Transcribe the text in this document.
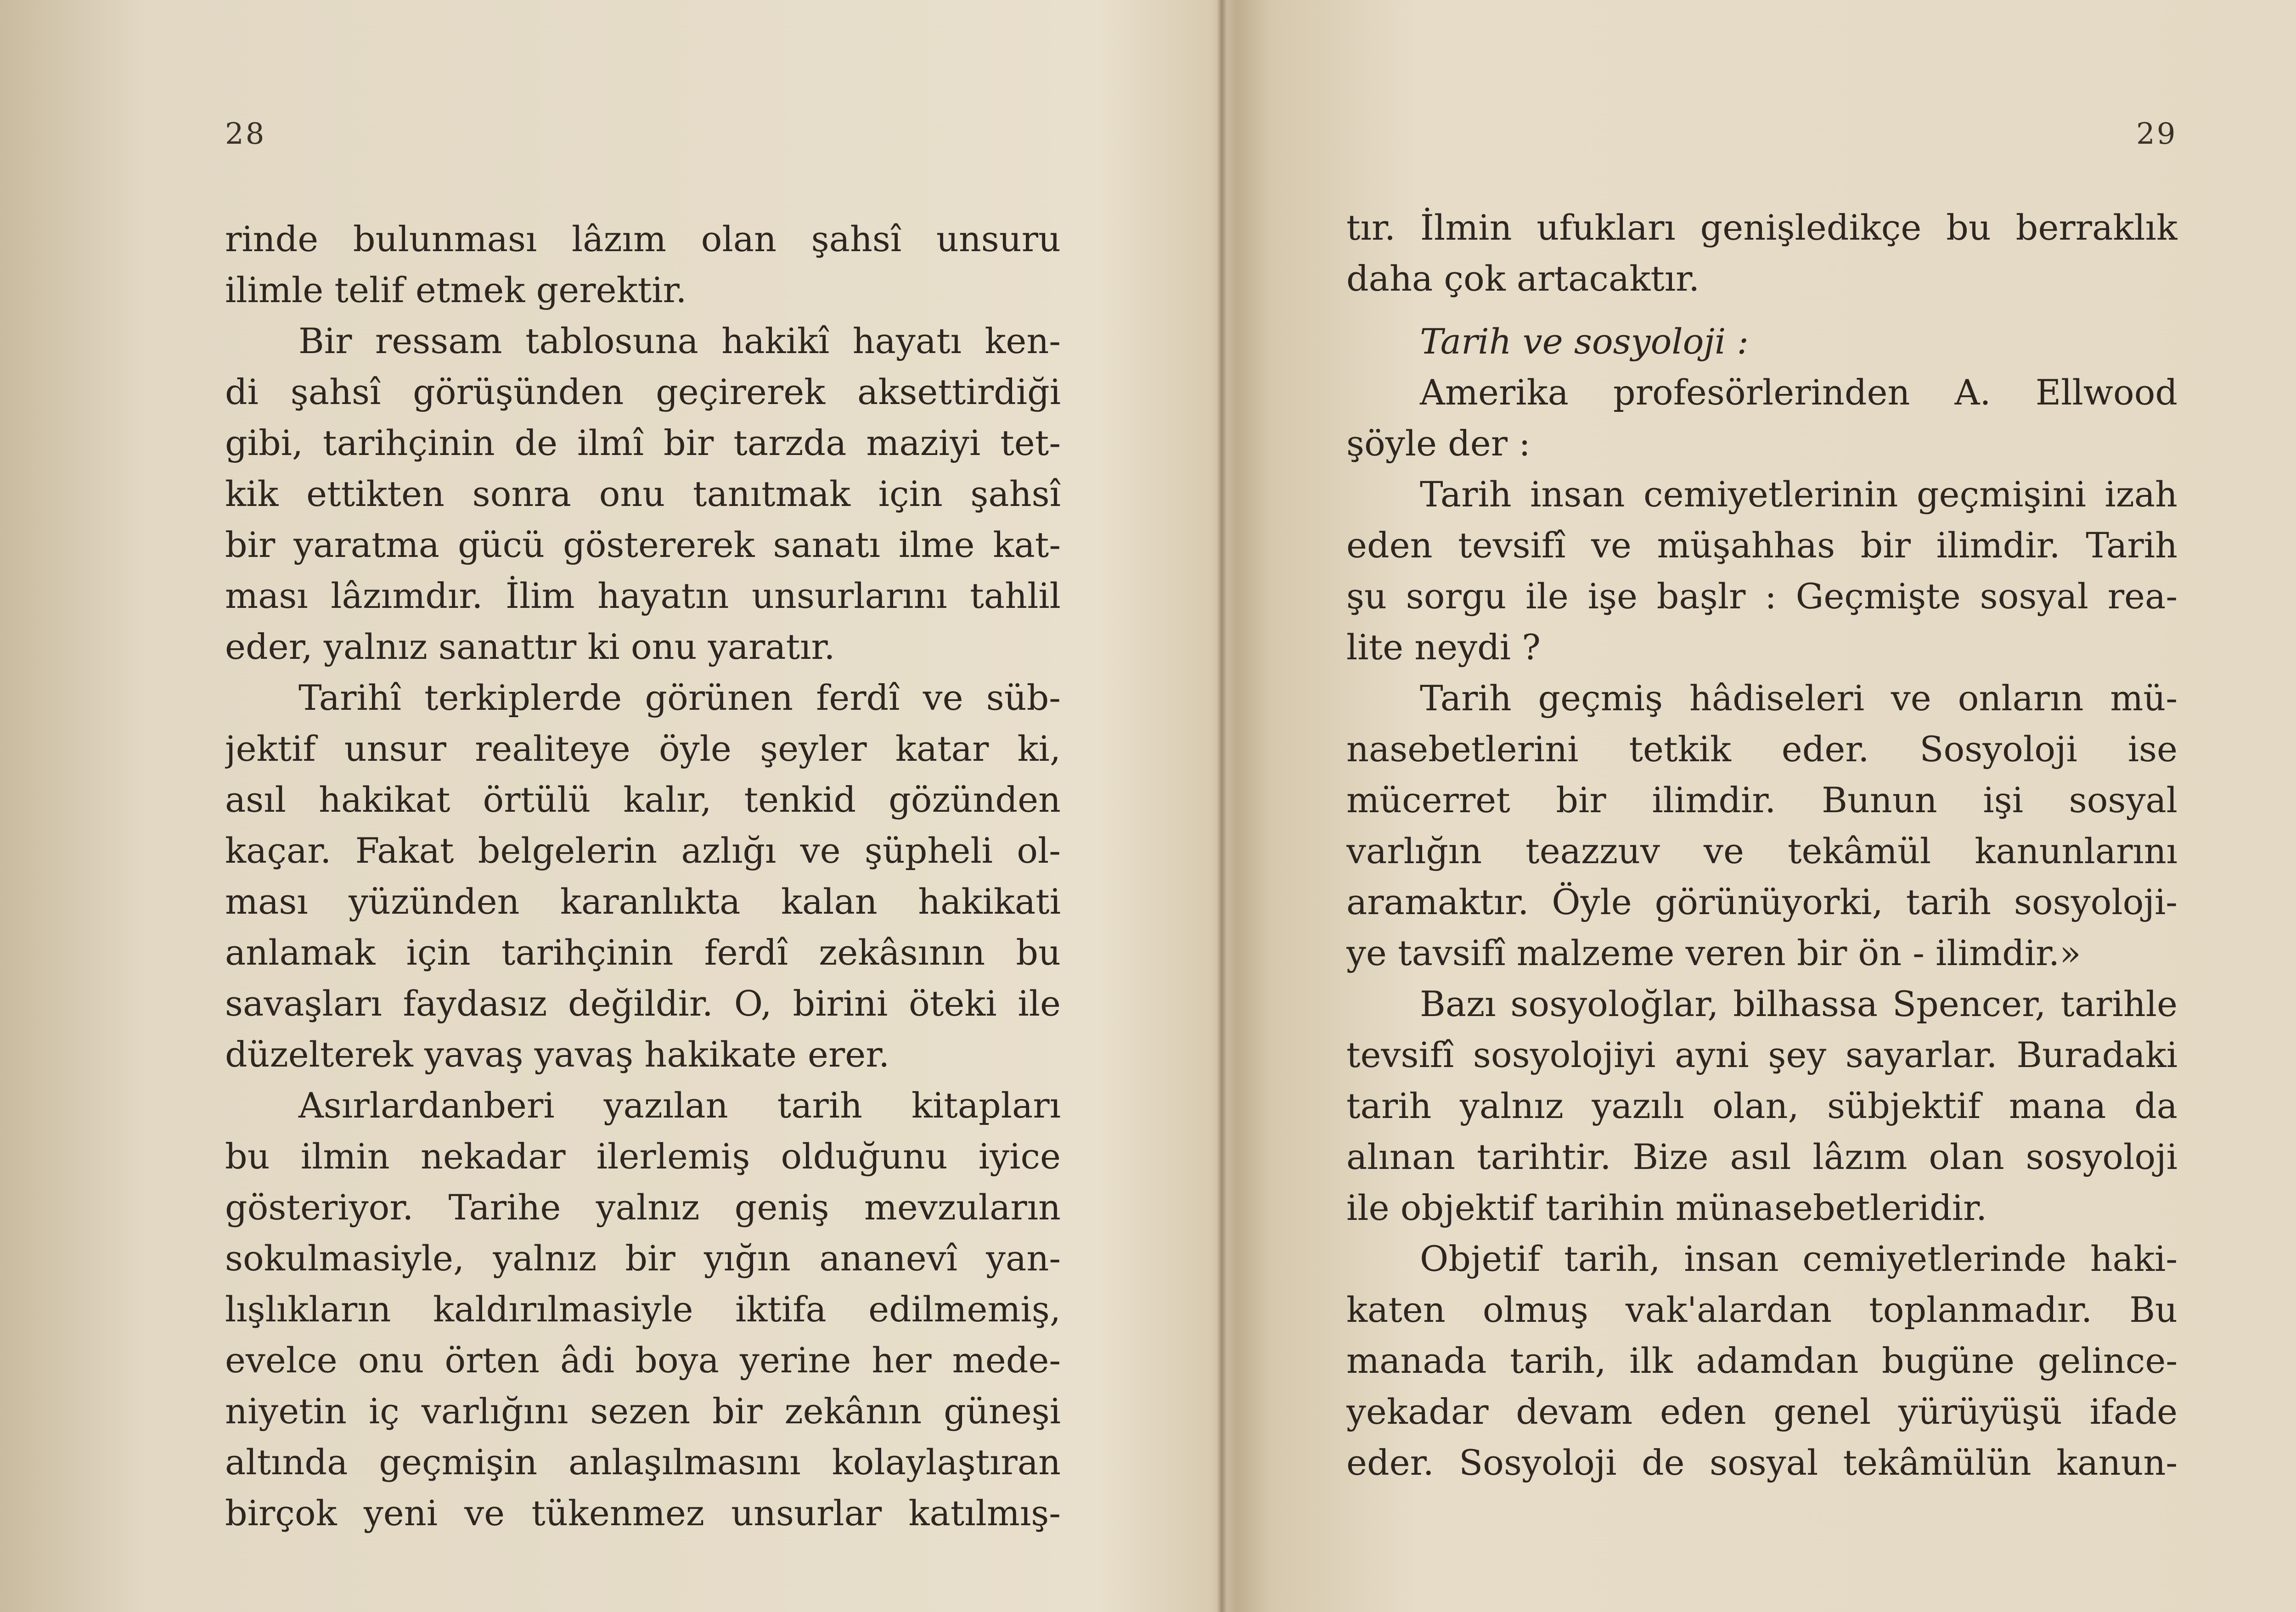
28
rinde bulunması lâzım olan şahsî unsuru
ilimle telif etmek gerektir.
Bir ressam tablosuna hakikî hayatı ken-
di şahsî görüşünden geçirerek aksettirdiği
gibi, tarihçinin de ilmî bir tarzda maziyi tet-
kik ettikten sonra onu tanıtmak için şahsî
bir yaratma gücü göstererek sanatı ilme kat-
ması lâzımdır. İlim hayatın unsurlarını tahlil
eder, yalnız sanattır ki onu yaratır.
Tarihî terkiplerde görünen ferdî ve süb-
jektif unsur realiteye öyle şeyler katar ki,
asıl hakikat örtülü kalır, tenkid gözünden
kaçar. Fakat belgelerin azlığı ve şüpheli ol-
ması yüzünden karanlıkta kalan hakikati
anlamak için tarihçinin ferdî zekâsının bu
savaşları faydasız değildir. O, birini öteki ile
düzelterek yavaş yavaş hakikate erer.
Asırlardanberi yazılan tarih kitapları
bu ilmin nekadar ilerlemiş olduğunu iyice
gösteriyor. Tarihe yalnız geniş mevzuların
sokulmasiyle, yalnız bir yığın ananevî yan-
lışlıkların kaldırılmasiyle iktifa edilmemiş,
evelce onu örten âdi boya yerine her mede-
niyetin iç varlığını sezen bir zekânın güneşi
altında geçmişin anlaşılmasını kolaylaştıran
birçok yeni ve tükenmez unsurlar katılmış-
29
tır. İlmin ufukları genişledikçe bu berraklık
daha çok artacaktır.
Tarih ve sosyoloji :
Amerika profesörlerinden A. Ellwood
şöyle der :
Tarih insan cemiyetlerinin geçmişini izah
eden tevsifî ve müşahhas bir ilimdir. Tarih
şu sorgu ile işe başlr : Geçmişte sosyal rea-
lite neydi ?
Tarih geçmiş hâdiseleri ve onların mü-
nasebetlerini tetkik eder. Sosyoloji ise
mücerret bir ilimdir. Bunun işi sosyal
varlığın teazzuv ve tekâmül kanunlarını
aramaktır. Öyle görünüyorki, tarih sosyoloji-
ye tavsifî malzeme veren bir ön - ilimdir.»
Bazı sosyoloğlar, bilhassa Spencer, tarihle
tevsifî sosyolojiyi ayni şey sayarlar. Buradaki
tarih yalnız yazılı olan, sübjektif mana da
alınan tarihtir. Bize asıl lâzım olan sosyoloji
ile objektif tarihin münasebetleridir.
Objetif tarih, insan cemiyetlerinde haki-
katen olmuş vak'alardan toplanmadır. Bu
manada tarih, ilk adamdan bugüne gelince-
yekadar devam eden genel yürüyüşü ifade
eder. Sosyoloji de sosyal tekâmülün kanun-
